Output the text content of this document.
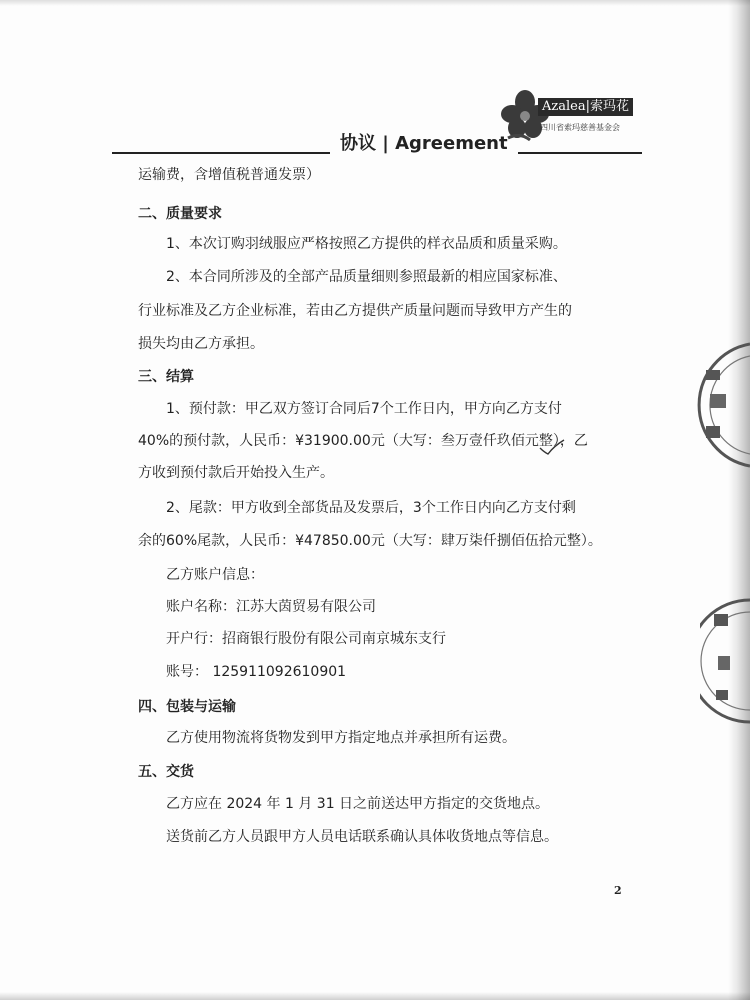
协议 | Agreement
Azalea|索玛花
四川省索玛慈善基金会
运输费，含增值税普通发票）
二、质量要求
1、本次订购羽绒服应严格按照乙方提供的样衣品质和质量采购。
2、本合同所涉及的全部产品质量细则参照最新的相应国家标准、
行业标准及乙方企业标准，若由乙方提供产质量问题而导致甲方产生的
损失均由乙方承担。
三、结算
1、预付款：甲乙双方签订合同后7个工作日内，甲方向乙方支付
40%的预付款，人民币：¥31900.00元（大写：叁万壹仟玖佰元整），乙
方收到预付款后开始投入生产。
2、尾款：甲方收到全部货品及发票后，3个工作日内向乙方支付剩
余的60%尾款，人民币：¥47850.00元（大写：肆万柒仟捌佰伍拾元整）。
乙方账户信息：
账户名称：江苏大茵贸易有限公司
开户行：招商银行股份有限公司南京城东支行
账号： 125911092610901
四、包装与运输
乙方使用物流将货物发到甲方指定地点并承担所有运费。
五、交货
乙方应在 2024 年 1 月 31 日之前送达甲方指定的交货地点。
送货前乙方人员跟甲方人员电话联系确认具体收货地点等信息。
2
